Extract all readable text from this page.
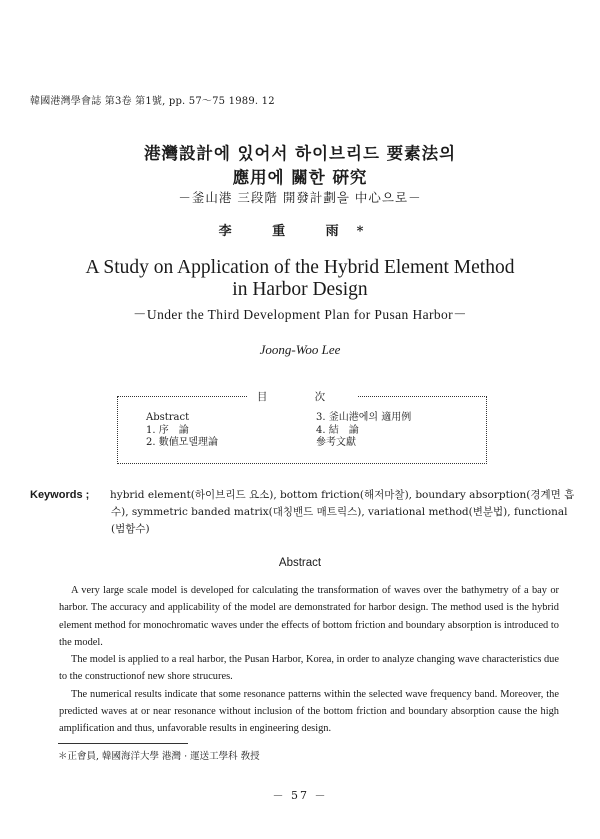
韓國港灣學會誌 第3卷 第1號, pp. 57～75 1989. 12
港灣設計에 있어서 하이브리드 要素法의
應用에 關한 硏究
－釜山港 三段階 開發計劃을 中心으로－
李 重 雨*
A Study on Application of the Hybrid Element Method
in Harbor Design
－Under the Third Development Plan for Pusan Harbor－
Joong-Woo Lee
目 次
Abstract
1. 序　論
2. 數値모델理論
3. 釜山港에의 適用例
4. 結　論
參考文獻
Keywords ; hybrid element(하이브리드 요소), bottom friction(해저마찰), boundary absorption(경계면 흡
수), symmetric banded matrix(대칭밴드 매트릭스), variational method(변분법), functional
(범함수)
Abstract

A very large scale model is developed for calculating the transformation of waves over the bathymetry of a bay or harbor. The accuracy and applicability of the model are demonstrated for harbor design. The method used is the hybrid element method for monochromatic waves under the effects of bottom friction and boundary absorption is introduced to the model.

The model is applied to a real harbor, the Pusan Harbor, Korea, in order to analyze changing wave characteristics due to the constructionof new shore strucures.

The numerical results indicate that some resonance patterns within the selected wave frequency band. Moreover, the predicted waves at or near resonance without inclusion of the bottom friction and boundary absorption cause the high amplification and thus, unfavorable results in engineering design.

＊正會員, 韓國海洋大學 港灣 · 運送工學科 敎授
－ 57 －
